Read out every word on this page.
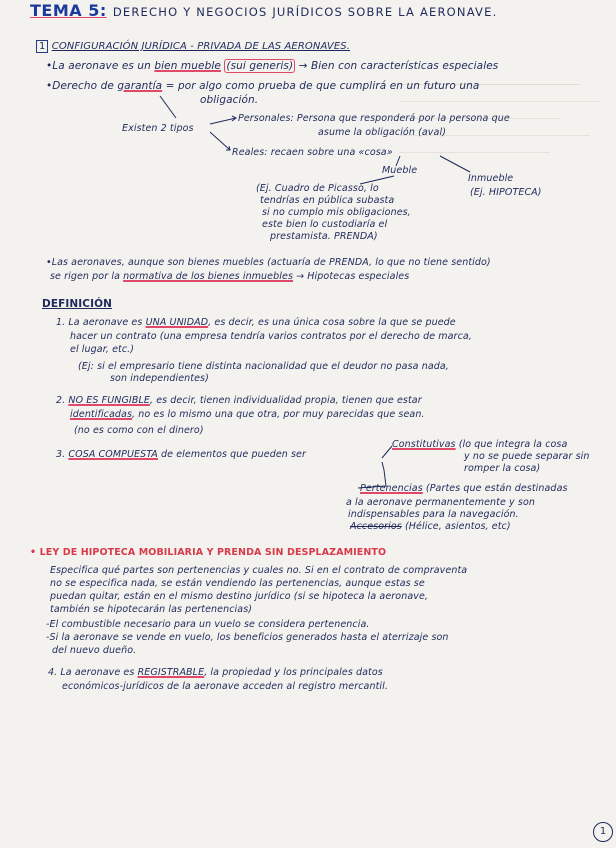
TEMA 5: DERECHO Y NEGOCIOS JURÍDICOS SOBRE LA AERONAVE.
1 CONFIGURACIÓN JURÍDICA - PRIVADA DE LAS AERONAVES.
•La aeronave es un bien mueble (sui generis) → Bien con características especiales
•Derecho de garantía = por algo como prueba de que cumplirá en un futuro una
obligación.
Existen 2 tipos
Personales: Persona que responderá por la persona que
asume la obligación (aval)
Reales: recaen sobre una «cosa»
Mueble
Inmueble
(Ej. HIPOTECA)
(Ej. Cuadro de Picasso, lo
tendrías en pública subasta
si no cumplo mis obligaciones,
este bien lo custodiaría el
prestamista. PRENDA)
•Las aeronaves, aunque son bienes muebles (actuaría de PRENDA, lo que no tiene sentido)
se rigen por la normativa de los bienes inmuebles → Hipotecas especiales
DEFINICIÓN
1. La aeronave es UNA UNIDAD, es decir, es una única cosa sobre la que se puede
hacer un contrato (una empresa tendría varios contratos por el derecho de marca,
el lugar, etc.)
(Ej: si el empresario tiene distinta nacionalidad que el deudor no pasa nada,
son independientes)
2. NO ES FUNGIBLE, es decir, tienen individualidad propia, tienen que estar
identificadas, no es lo mismo una que otra, por muy parecidas que sean.
(no es como con el dinero)
3. COSA COMPUESTA de elementos que pueden ser
Constitutivas (lo que integra la cosa
y no se puede separar sin
romper la cosa)
Pertenencias (Partes que están destinadas
a la aeronave permanentemente y son
indispensables para la navegación.
Accesorios (Hélice, asientos, etc)
• LEY DE HIPOTECA MOBILIARIA Y PRENDA SIN DESPLAZAMIENTO
Especifica qué partes son pertenencias y cuales no. Si en el contrato de compraventa
no se especifica nada, se están vendiendo las pertenencias, aunque estas se
puedan quitar, están en el mismo destino jurídico (si se hipoteca la aeronave,
también se hipotecarán las pertenencias)
-El combustible necesario para un vuelo se considera pertenencia.
-Si la aeronave se vende en vuelo, los beneficios generados hasta el aterrizaje son
del nuevo dueño.
4. La aeronave es REGISTRABLE, la propiedad y los principales datos
económicos-jurídicos de la aeronave acceden al registro mercantil.
1
